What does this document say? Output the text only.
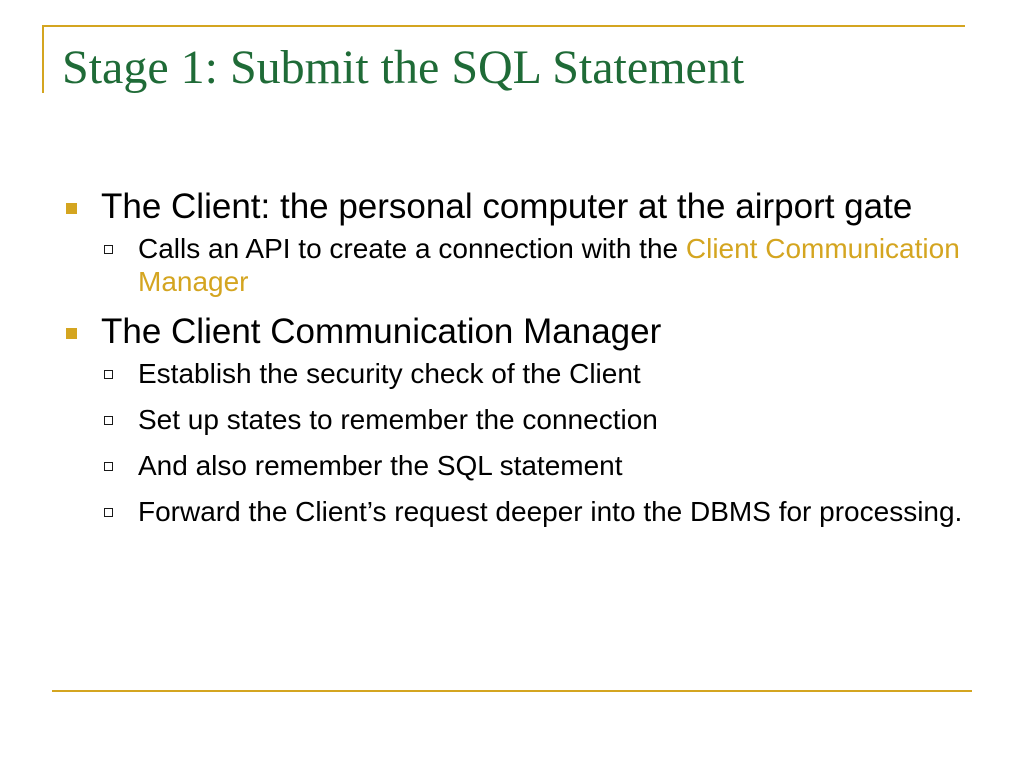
Stage 1: Submit the SQL Statement
The Client: the personal computer at the airport gate
Calls an API to create a connection with the Client Communication Manager
The Client Communication Manager
Establish the security check of the Client
Set up states to remember the connection
And also remember the SQL statement
Forward the Client’s request deeper into the DBMS for processing.
